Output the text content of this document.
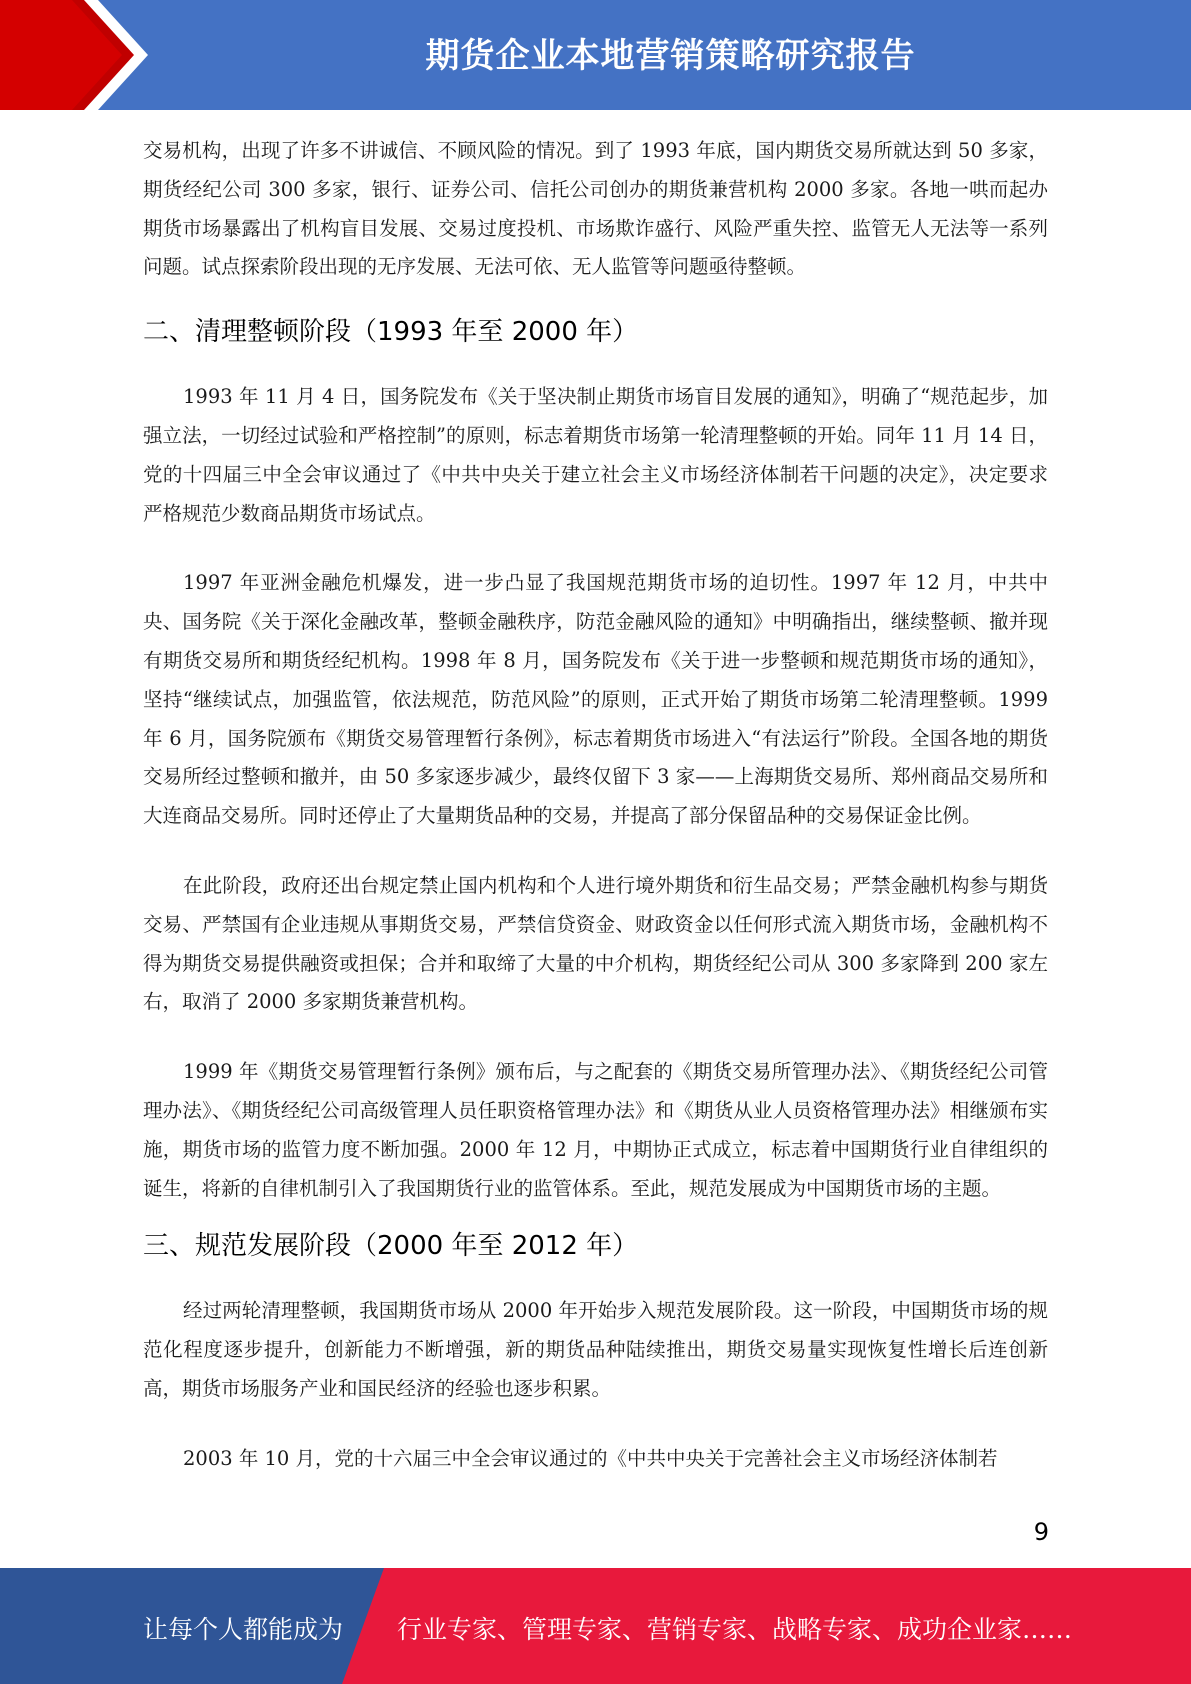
期货企业本地营销策略研究报告

交易机构，出现了许多不讲诚信、不顾风险的情况。到了 1993 年底，国内期货交易所就达到 50 多家，期货经纪公司 300 多家，银行、证券公司、信托公司创办的期货兼营机构 2000 多家。各地一哄而起办期货市场暴露出了机构盲目发展、交易过度投机、市场欺诈盛行、风险严重失控、监管无人无法等一系列问题。试点探索阶段出现的无序发展、无法可依、无人监管等问题亟待整顿。

二、清理整顿阶段（1993 年至 2000 年）

1993 年 11 月 4 日，国务院发布《关于坚决制止期货市场盲目发展的通知》，明确了“规范起步，加强立法，一切经过试验和严格控制”的原则，标志着期货市场第一轮清理整顿的开始。同年 11 月 14 日，党的十四届三中全会审议通过了《中共中央关于建立社会主义市场经济体制若干问题的决定》，决定要求严格规范少数商品期货市场试点。

1997 年亚洲金融危机爆发，进一步凸显了我国规范期货市场的迫切性。1997 年 12 月，中共中央、国务院《关于深化金融改革，整顿金融秩序，防范金融风险的通知》中明确指出，继续整顿、撤并现有期货交易所和期货经纪机构。1998 年 8 月，国务院发布《关于进一步整顿和规范期货市场的通知》，坚持“继续试点，加强监管，依法规范，防范风险”的原则，正式开始了期货市场第二轮清理整顿。1999 年 6 月，国务院颁布《期货交易管理暂行条例》，标志着期货市场进入“有法运行”阶段。全国各地的期货交易所经过整顿和撤并，由 50 多家逐步减少，最终仅留下 3 家——上海期货交易所、郑州商品交易所和大连商品交易所。同时还停止了大量期货品种的交易，并提高了部分保留品种的交易保证金比例。

在此阶段，政府还出台规定禁止国内机构和个人进行境外期货和衍生品交易；严禁金融机构参与期货交易、严禁国有企业违规从事期货交易，严禁信贷资金、财政资金以任何形式流入期货市场，金融机构不得为期货交易提供融资或担保；合并和取缔了大量的中介机构，期货经纪公司从 300 多家降到 200 家左右，取消了 2000 多家期货兼营机构。

1999 年《期货交易管理暂行条例》颁布后，与之配套的《期货交易所管理办法》、《期货经纪公司管理办法》、《期货经纪公司高级管理人员任职资格管理办法》和《期货从业人员资格管理办法》相继颁布实施，期货市场的监管力度不断加强。2000 年 12 月，中期协正式成立，标志着中国期货行业自律组织的诞生，将新的自律机制引入了我国期货行业的监管体系。至此，规范发展成为中国期货市场的主题。

三、规范发展阶段（2000 年至 2012 年）

经过两轮清理整顿，我国期货市场从 2000 年开始步入规范发展阶段。这一阶段，中国期货市场的规范化程度逐步提升，创新能力不断增强，新的期货品种陆续推出，期货交易量实现恢复性增长后连创新高，期货市场服务产业和国民经济的经验也逐步积累。

2003 年 10 月，党的十六届三中全会审议通过的《中共中央关于完善社会主义市场经济体制若

9
让每个人都能成为 行业专家、管理专家、营销专家、战略专家、成功企业家……
